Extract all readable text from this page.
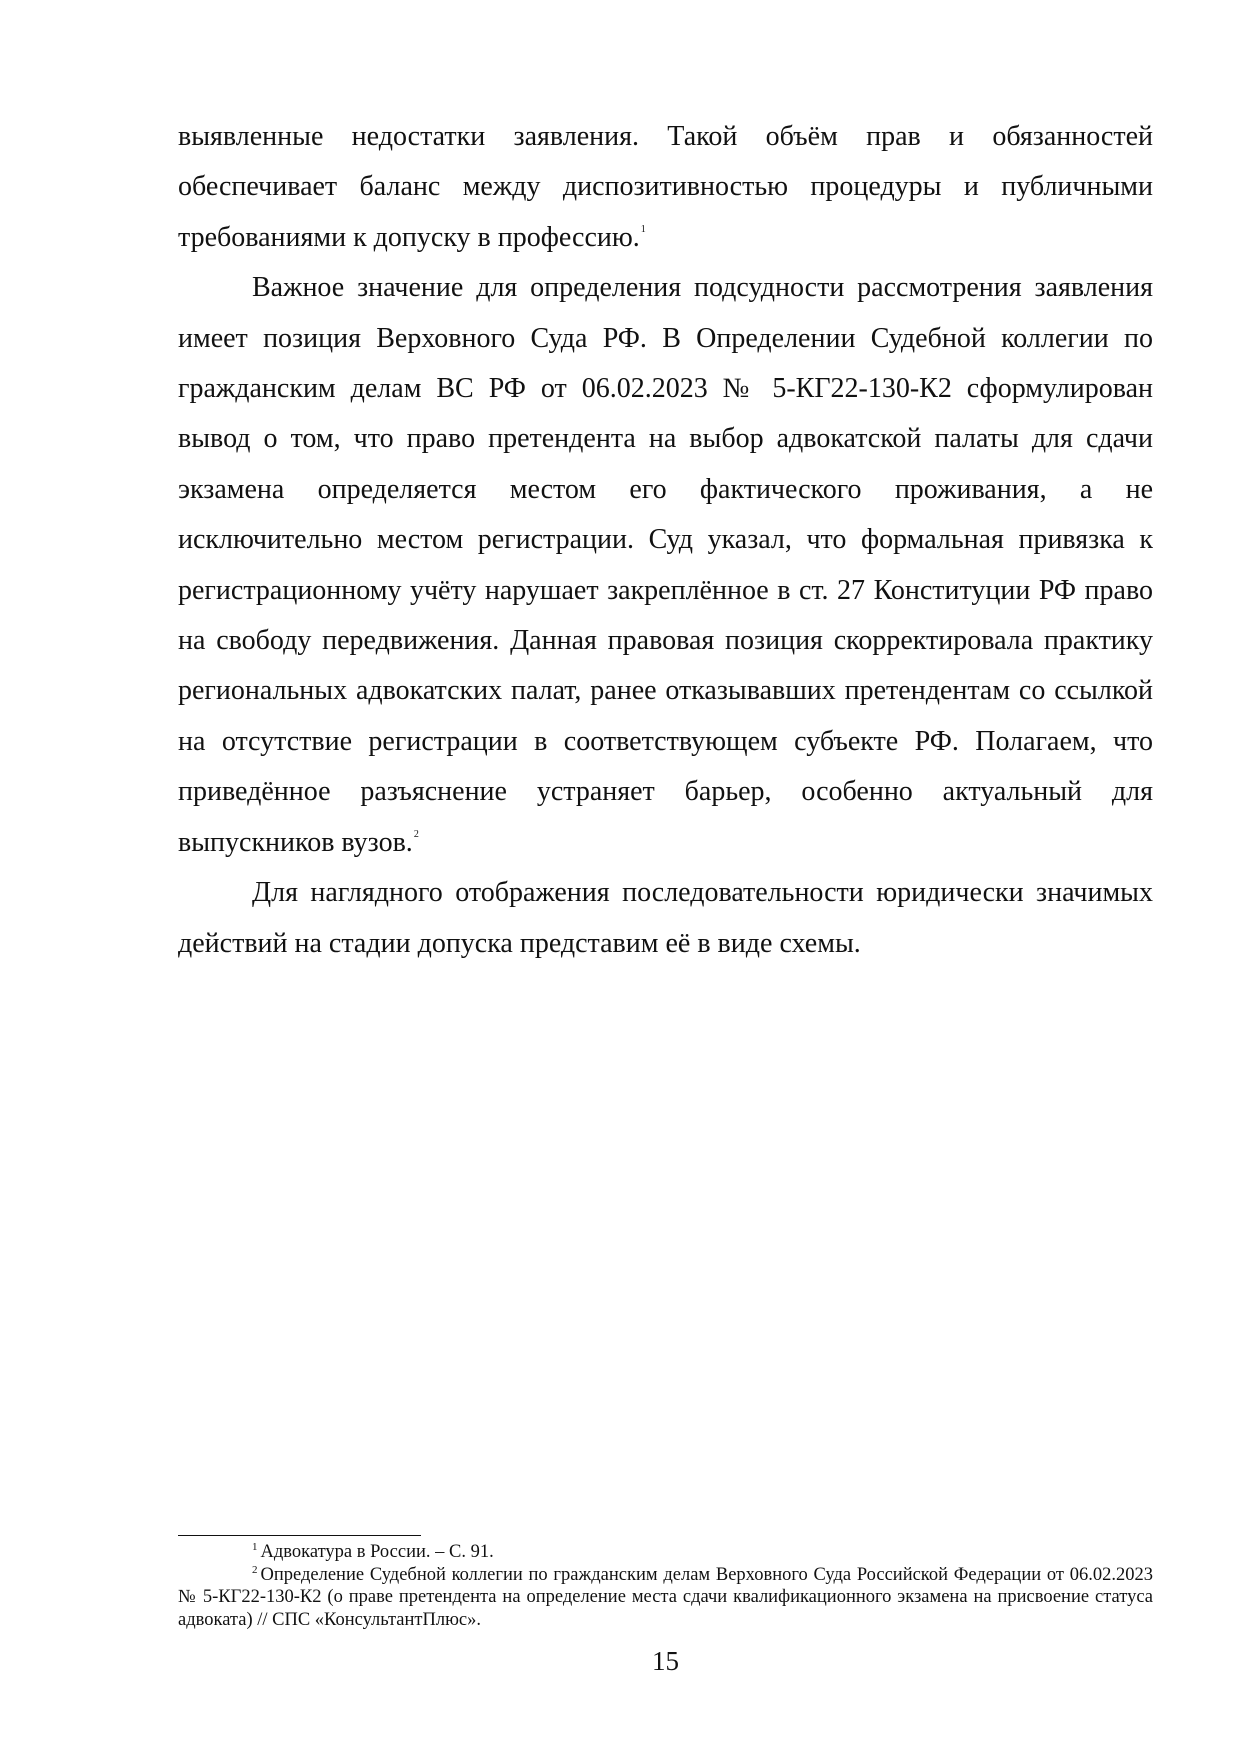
выявленные недостатки заявления. Такой объём прав и обязанностей обеспечивает баланс между диспозитивностью процедуры и публичными требованиями к допуску в профессию.$^1$

Важное значение для определения подсудности рассмотрения заявления имеет позиция Верховного Суда РФ. В Определении Судебной коллегии по гражданским делам ВС РФ от 06.02.2023 № 5-КГ22-130-К2 сформулирован вывод о том, что право претендента на выбор адвокатской палаты для сдачи экзамена определяется местом его фактического проживания, а не исключительно местом регистрации. Суд указал, что формальная привязка к регистрационному учёту нарушает закреплённое в ст. 27 Конституции РФ право на свободу передвижения. Данная правовая позиция скорректировала практику региональных адвокатских палат, ранее отказывавших претендентам со ссылкой на отсутствие регистрации в соответствующем субъекте РФ. Полагаем, что приведённое разъяснение устраняет барьер, особенно актуальный для выпускников вузов.$^2$

Для наглядного отображения последовательности юридически значимых действий на стадии допуска представим её в виде схемы.

$^1$ Адвокатура в России. – С. 91.

$^2$ Определение Судебной коллегии по гражданским делам Верховного Суда Российской Федерации от 06.02.2023 № 5-КГ22-130-К2 (о праве претендента на определение места сдачи квалификационного экзамена на присвоение статуса адвоката) // СПС «КонсультантПлюс».

15
